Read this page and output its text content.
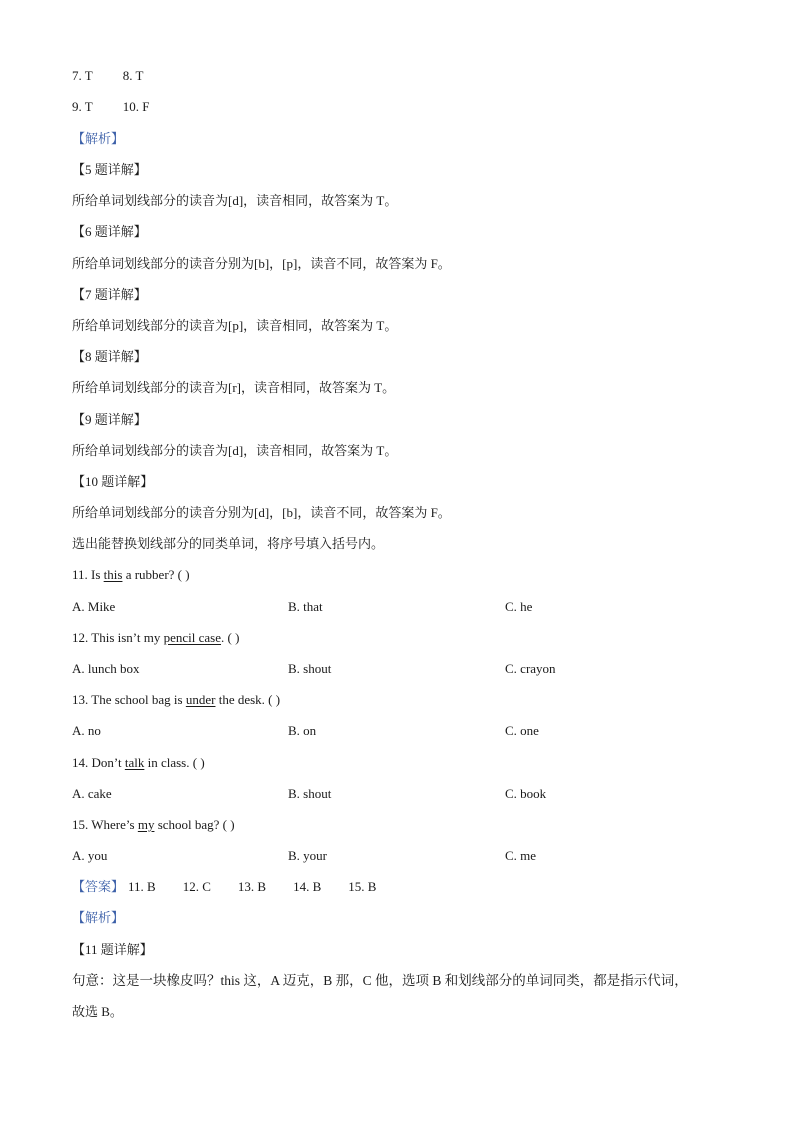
7. T 8. T
9. T 10. F
【解析】
【5 题详解】
所给单词划线部分的读音为[d]，读音相同，故答案为 T。
【6 题详解】
所给单词划线部分的读音分别为[b]，[p]，读音不同，故答案为 F。
【7 题详解】
所给单词划线部分的读音为[p]，读音相同，故答案为 T。
【8 题详解】
所给单词划线部分的读音为[r]，读音相同，故答案为 T。
【9 题详解】
所给单词划线部分的读音为[d]，读音相同，故答案为 T。
【10 题详解】
所给单词划线部分的读音分别为[d]，[b]，读音不同，故答案为 F。
选出能替换划线部分的同类单词，将序号填入括号内。
11. Is this a rubber? ( )
A. Mike	B. that	C. he
12. This isn’t my pencil case. ( )
A. lunch box	B. shout	C. crayon
13. The school bag is under the desk. ( )
A. no	B. on	C. one
14. Don’t talk in class. ( )
A. cake	B. shout	C. book
15. Where’s my school bag? ( )
A. you	B. your	C. me
【答案】 11. B 12. C 13. B 14. B 15. B
【解析】
【11 题详解】
句意：这是一块橡皮吗？this 这，A 迈克，B 那，C 他，选项 B 和划线部分的单词同类，都是指示代词，
故选 B。
